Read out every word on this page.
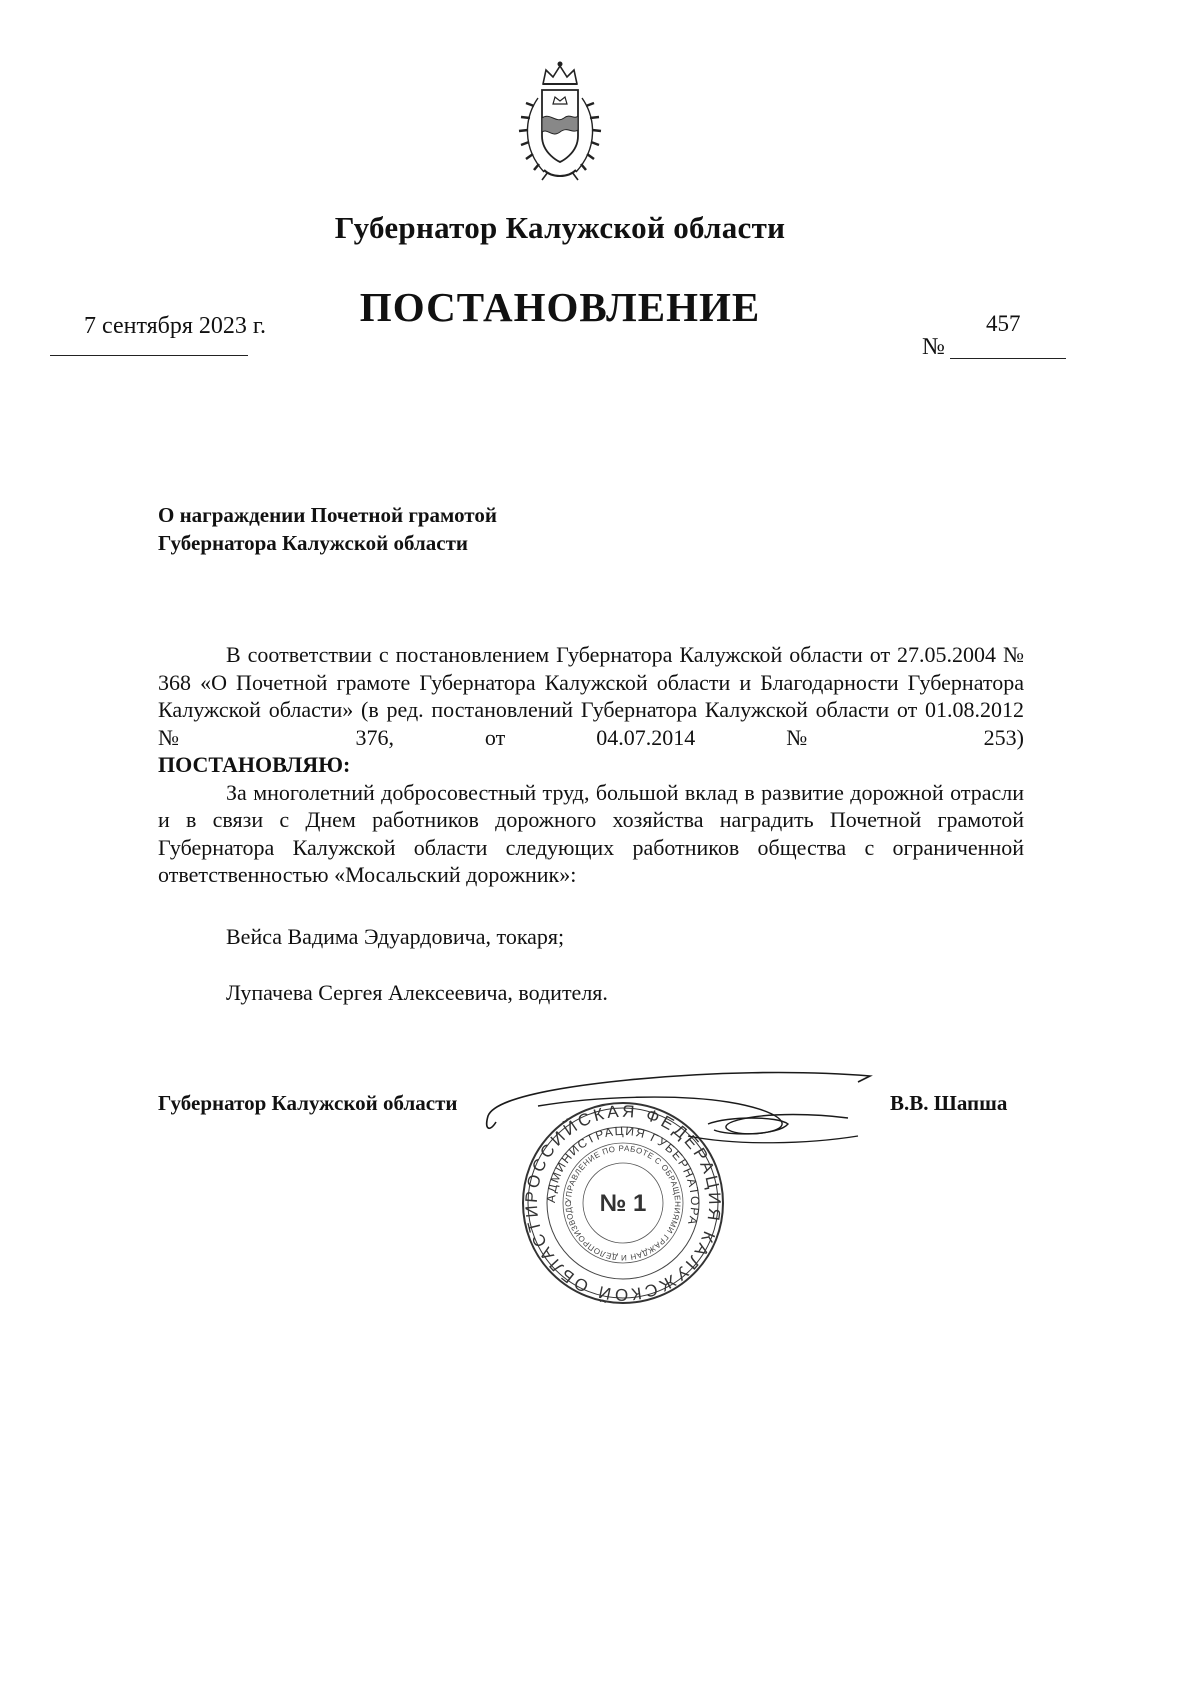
Губернатор Калужской области
ПОСТАНОВЛЕНИЕ
7 сентября 2023 г.	457
№
О награждении Почетной грамотой
Губернатора Калужской области

В соответствии с постановлением Губернатора Калужской области от 27.05.2004 № 368 «О Почетной грамоте Губернатора Калужской области и Благодарности Губернатора Калужской области» (в ред. постановлений Губернатора Калужской области от 01.08.2012 № 376, от 04.07.2014 № 253)

ПОСТАНОВЛЯЮ:

За многолетний добросовестный труд, большой вклад в развитие дорожной отрасли и в связи с Днем работников дорожного хозяйства наградить Почетной грамотой Губернатора Калужской области следующих работников общества с ограниченной ответственностью «Мосальский дорожник»:

Вейса Вадима Эдуардовича, токаря;
Лупачева Сергея Алексеевича, водителя.
Губернатор Калужской области	В.В. Шапша
РОССИЙСКАЯ ФЕДЕРАЦИЯ КАЛУЖСКОЙ ОБЛАСТИ
АДМИНИСТРАЦИЯ ГУБЕРНАТОРА
УПРАВЛЕНИЕ ПО РАБОТЕ С ОБРАЩЕНИЯМИ ГРАЖДАН И ДЕЛОПРОИЗВОДС	№ 1
